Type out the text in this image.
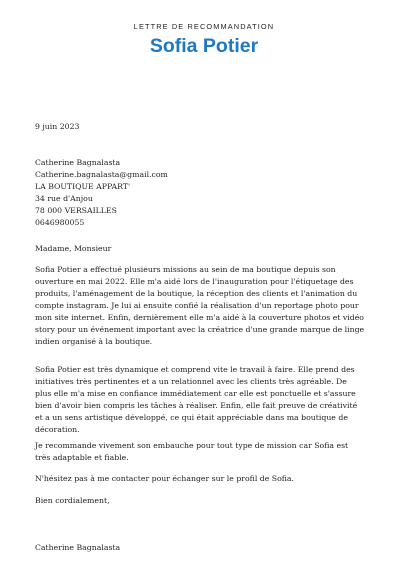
LETTRE DE RECOMMANDATION
Sofia Potier
9 juin 2023
Catherine Bagnalasta
Catherine.bagnalasta@gmail.com
LA BOUTIQUE APPART'
34 rue d'Anjou
78 000 VERSAILLES
0646980055
Madame, Monsieur

Sofia Potier a effectué plusieurs missions au sein de ma boutique depuis son ouverture en mai 2022. Elle m'a aidé lors de l'inauguration pour l'étiquetage des produits, l'aménagement de la boutique, la réception des clients et l'animation du compte instagram. Je lui ai ensuite confié la réalisation d'un reportage photo pour mon site internet. Enfin, dernièrement elle m'a aidé à la couverture photos et vidéo story pour un événement important avec la créatrice d'une grande marque de linge indien organisé à la boutique.

Sofia Potier est très dynamique et comprend vite le travail à faire. Elle prend des initiatives très pertinentes et a un relationnel avec les clients très agréable. De plus elle m'a mise en confiance immédiatement car elle est ponctuelle et s'assure bien d'avoir bien compris les tâches à réaliser. Enfin, elle fait preuve de créativité et a un sens artistique développé, ce qui était appréciable dans ma boutique de décoration.

Je recommande vivement son embauche pour tout type de mission car Sofia est très adaptable et fiable.

N'hésitez pas à me contacter pour échanger sur le profil de Sofia.

Bien cordialement,
Catherine Bagnalasta
